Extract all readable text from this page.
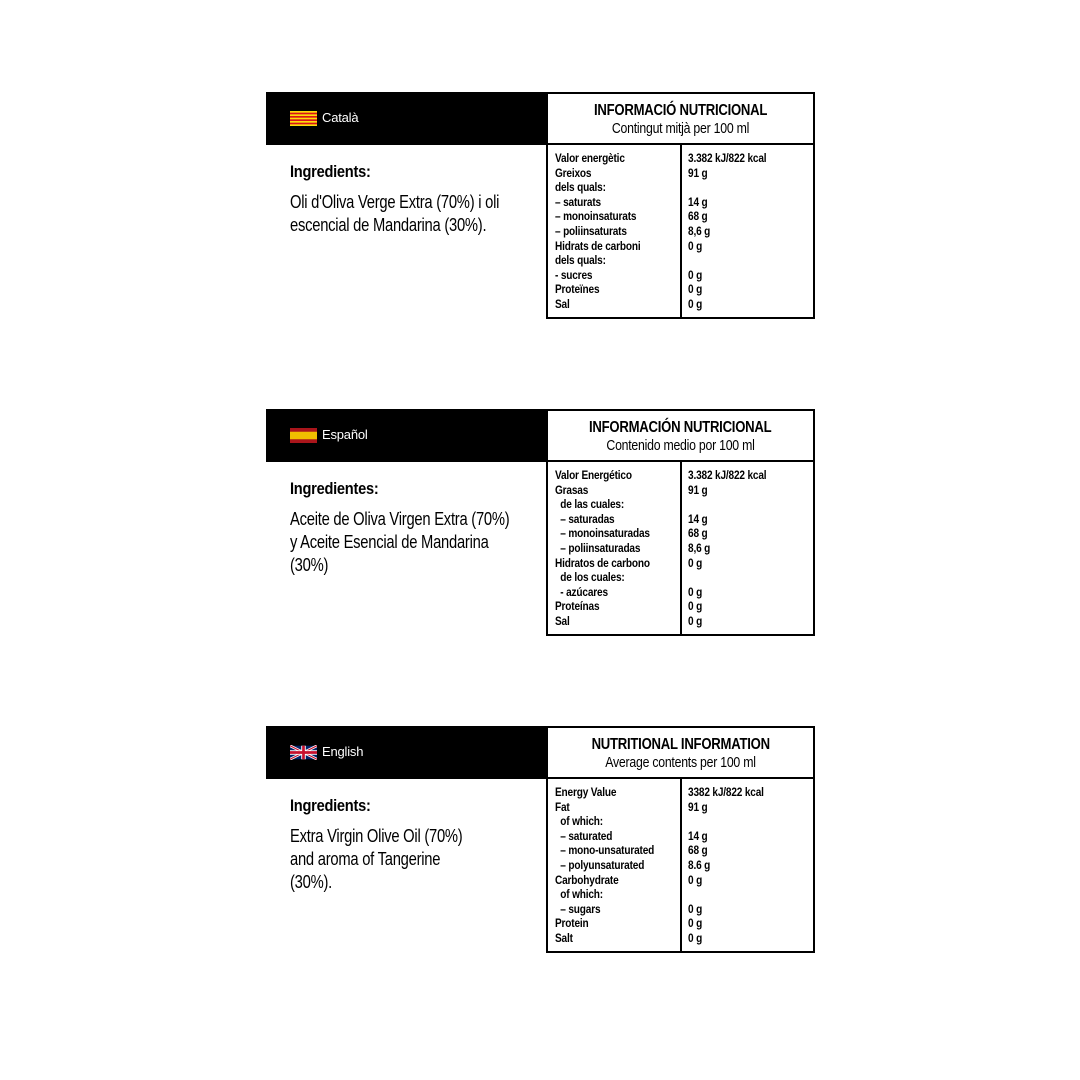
Català

Ingredients:

Oli d'Oliva Verge Extra (70%) i oli escencial de Mandarina (30%).

INFORMACIÓ NUTRICIONAL
Contingut mitjà per 100 ml
Valor energètic
Greixos
dels quals:
– saturats
– monoinsaturats
– poliinsaturats
Hidrats de carboni
dels quals:
- sucres
Proteïnes
Sal
3.382 kJ/822 kcal
91 g
14 g
68 g
8,6 g
0 g
0 g
0 g
0 g
Español

Ingredientes:

Aceite de Oliva Virgen Extra (70%) y Aceite Esencial de Mandarina (30%)

INFORMACIÓN NUTRICIONAL
Contenido medio por 100 ml
Valor Energético
Grasas
de las cuales:
– saturadas
– monoinsaturadas
– poliinsaturadas
Hidratos de carbono
de los cuales:
- azúcares
Proteínas
Sal
3.382 kJ/822 kcal
91 g
14 g
68 g
8,6 g
0 g
0 g
0 g
0 g
English

Ingredients:

Extra Virgin Olive Oil (70%) and aroma of Tangerine (30%).

NUTRITIONAL INFORMATION
Average contents per 100 ml
Energy Value
Fat
of which:
– saturated
– mono-unsaturated
– polyunsaturated
Carbohydrate
of which:
– sugars
Protein
Salt
3382 kJ/822 kcal
91 g
14 g
68 g
8.6 g
0 g
0 g
0 g
0 g
